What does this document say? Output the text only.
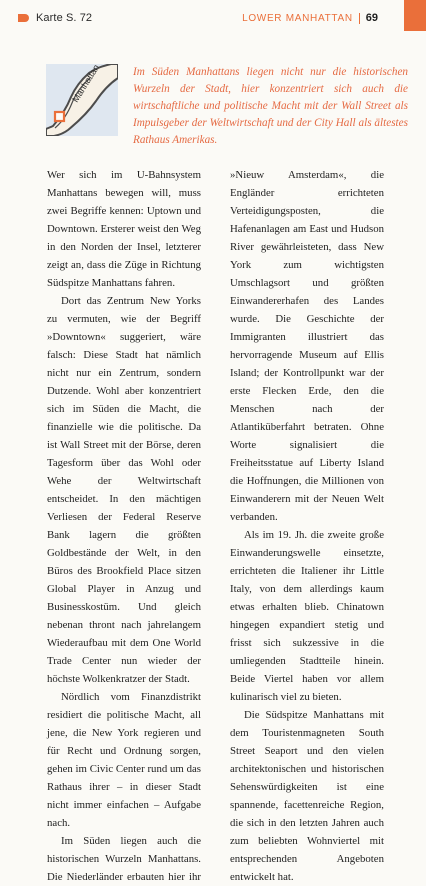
Karte S. 72	LOWER MANHATTAN 69
Manhattan	Im Süden Manhattans liegen nicht nur die historischen Wurzeln der Stadt, hier konzentriert sich auch die wirtschaftliche und politische Macht mit der Wall Street als Impulsgeber der Weltwirtschaft und der City Hall als ältestes Rathaus Amerikas.

Wer sich im U-Bahnsystem Manhattans bewegen will, muss zwei Begriffe kennen: Uptown und Downtown. Ersterer weist den Weg in den Norden der Insel, letzterer zeigt an, dass die Züge in Richtung Südspitze Manhattans fahren.

Dort das Zentrum New Yorks zu vermuten, wie der Begriff »Downtown« suggeriert, wäre falsch: Diese Stadt hat nämlich nicht nur ein Zentrum, sondern Dutzende. Wohl aber konzentriert sich im Süden die Macht, die finanzielle wie die politische. Da ist Wall Street mit der Börse, deren Tagesform über das Wohl oder Wehe der Weltwirtschaft entscheidet. In den mächtigen Verliesen der Federal Reserve Bank lagern die größten Goldbestände der Welt, in den Büros des Brookfield Place sitzen Global Player in Anzug und Businesskostüm. Und gleich nebenan thront nach jahrelangem Wiederaufbau mit dem One World Trade Center nun wieder der höchste Wolkenkratzer der Stadt.

Nördlich vom Finanzdistrikt residiert die politische Macht, all jene, die New York regieren und für Recht und Ordnung sorgen, gehen im Civic Center rund um das Rathaus ihrer – in dieser Stadt nicht immer einfachen – Aufgabe nach.

Im Süden liegen auch die historischen Wurzeln Manhattans. Die Niederländer erbauten hier ihr »Nieuw Amsterdam«, die Engländer errichteten Verteidigungsposten, die Hafenanlagen am East und Hudson River gewährleisteten, dass New York zum wichtigsten Umschlagsort und größten Einwandererhafen des Landes wurde. Die Geschichte der Immigranten illustriert das hervorragende Museum auf Ellis Island; der Kontrollpunkt war der erste Flecken Erde, den die Menschen nach der Atlantiküberfahrt betraten. Ohne Worte signalisiert die Freiheitsstatue auf Liberty Island die Hoffnungen, die Millionen von Einwanderern mit der Neuen Welt verbanden.

Als im 19. Jh. die zweite große Einwanderungswelle einsetzte, errichteten die Italiener ihr Little Italy, von dem allerdings kaum etwas erhalten blieb. Chinatown hingegen expandiert stetig und frisst sich sukzessive in die umliegenden Stadtteile hinein. Beide Viertel haben vor allem kulinarisch viel zu bieten.

Die Südspitze Manhattans mit dem Touristenmagneten South Street Seaport und den vielen architektonischen und historischen Sehenswürdigkeiten ist eine spannende, facettenreiche Region, die sich in den letzten Jahren auch zum beliebten Wohnviertel mit entsprechenden Angeboten entwickelt hat.
